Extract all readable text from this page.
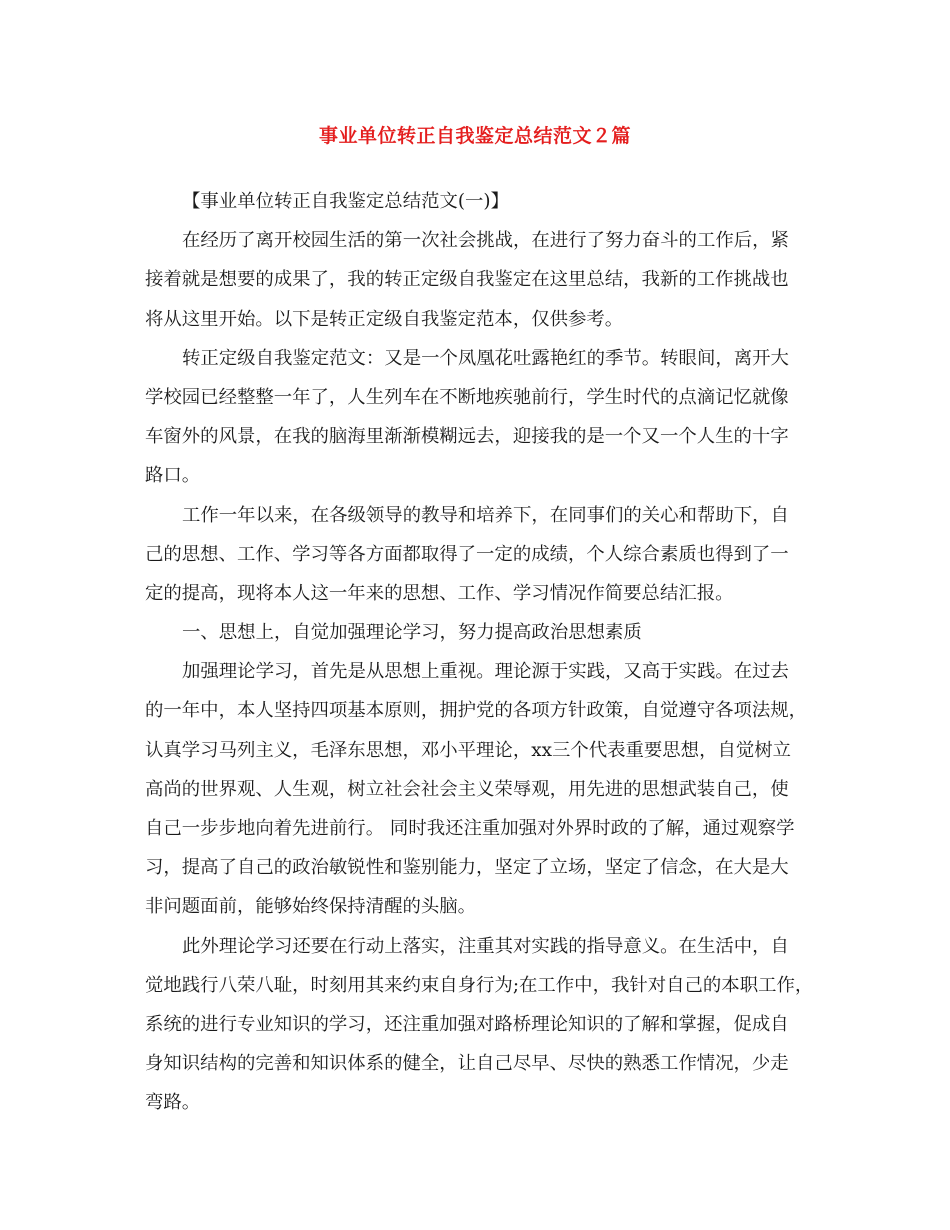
事业单位转正自我鉴定总结范文２篇
【事业单位转正自我鉴定总结范文(一)】
在经历了离开校园生活的第一次社会挑战，在进行了努力奋斗的工作后，紧
接着就是想要的成果了，我的转正定级自我鉴定在这里总结，我新的工作挑战也
将从这里开始。以下是转正定级自我鉴定范本，仅供参考。
转正定级自我鉴定范文：又是一个凤凰花吐露艳红的季节。转眼间，离开大
学校园已经整整一年了，人生列车在不断地疾驰前行，学生时代的点滴记忆就像
车窗外的风景，在我的脑海里渐渐模糊远去，迎接我的是一个又一个人生的十字
路口。
工作一年以来，在各级领导的教导和培养下，在同事们的关心和帮助下，自
己的思想、工作、学习等各方面都取得了一定的成绩，个人综合素质也得到了一
定的提高，现将本人这一年来的思想、工作、学习情况作简要总结汇报。
一、思想上，自觉加强理论学习，努力提高政治思想素质
加强理论学习，首先是从思想上重视。理论源于实践，又高于实践。在过去
的一年中，本人坚持四项基本原则，拥护党的各项方针政策，自觉遵守各项法规，
认真学习马列主义，毛泽东思想，邓小平理论，xx三个代表重要思想，自觉树立
高尚的世界观、人生观，树立社会社会主义荣辱观，用先进的思想武装自己，使
自己一步步地向着先进前行。 同时我还注重加强对外界时政的了解，通过观察学
习，提高了自己的政治敏锐性和鉴别能力，坚定了立场，坚定了信念，在大是大
非问题面前，能够始终保持清醒的头脑。
此外理论学习还要在行动上落实，注重其对实践的指导意义。在生活中，自
觉地践行八荣八耻，时刻用其来约束自身行为;在工作中，我针对自己的本职工作，
系统的进行专业知识的学习，还注重加强对路桥理论知识的了解和掌握，促成自
身知识结构的完善和知识体系的健全，让自己尽早、尽快的熟悉工作情况，少走
弯路。
